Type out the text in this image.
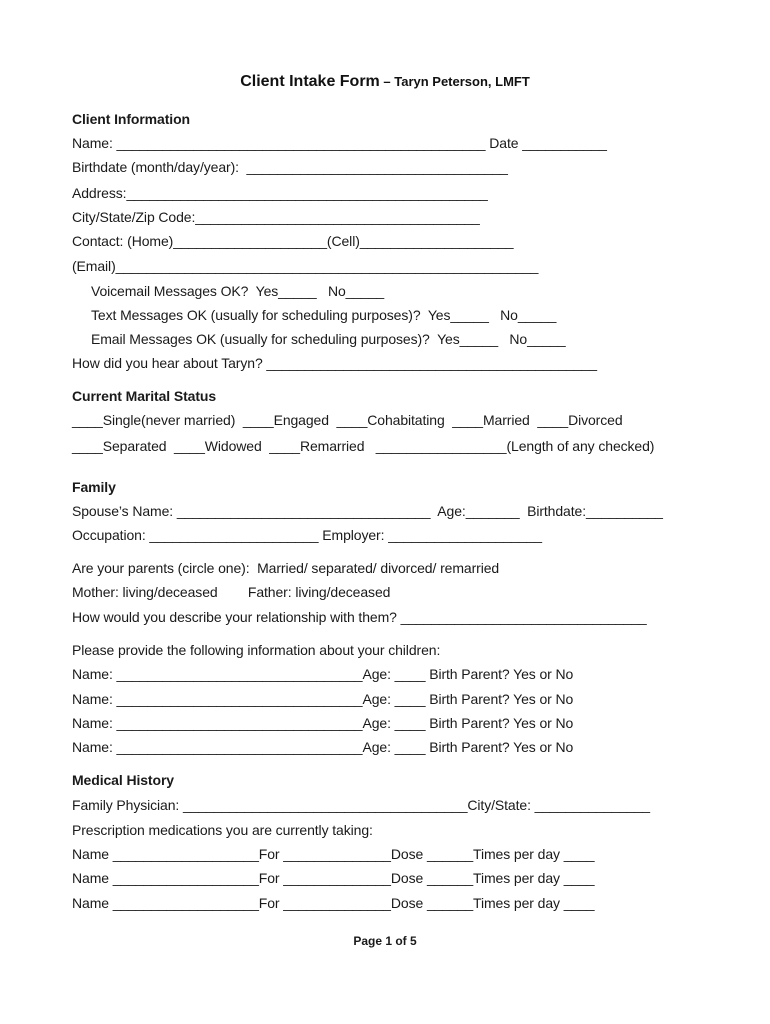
Client Intake Form – Taryn Peterson, LMFT
Client Information
Name: ________________________________________________ Date ___________
Birthdate (month/day/year):  __________________________________
Address:_______________________________________________
City/State/Zip Code:_____________________________________
Contact: (Home)____________________(Cell)____________________
(Email)_______________________________________________________
Voicemail Messages OK?  Yes_____   No_____
Text Messages OK (usually for scheduling purposes)?  Yes_____   No_____
Email Messages OK (usually for scheduling purposes)?  Yes_____   No_____
How did you hear about Taryn? ___________________________________________
Current Marital Status
____Single(never married)  ____Engaged  ____Cohabitating  ____Married  ____Divorced
____Separated  ____Widowed  ____Remarried   _________________(Length of any checked)
Family
Spouse’s Name: _________________________________  Age:_______  Birthdate:__________
Occupation: ______________________ Employer: ____________________
Are your parents (circle one):  Married/ separated/ divorced/ remarried
Mother: living/deceased        Father: living/deceased
How would you describe your relationship with them? ________________________________
Please provide the following information about your children:
Name: ________________________________Age: ____ Birth Parent? Yes or No
Name: ________________________________Age: ____ Birth Parent? Yes or No
Name: ________________________________Age: ____ Birth Parent? Yes or No
Name: ________________________________Age: ____ Birth Parent? Yes or No
Medical History
Family Physician: _____________________________________City/State: _______________
Prescription medications you are currently taking:
Name ___________________For ______________Dose ______Times per day ____
Name ___________________For ______________Dose ______Times per day ____
Name ___________________For ______________Dose ______Times per day ____
Page 1 of 5
